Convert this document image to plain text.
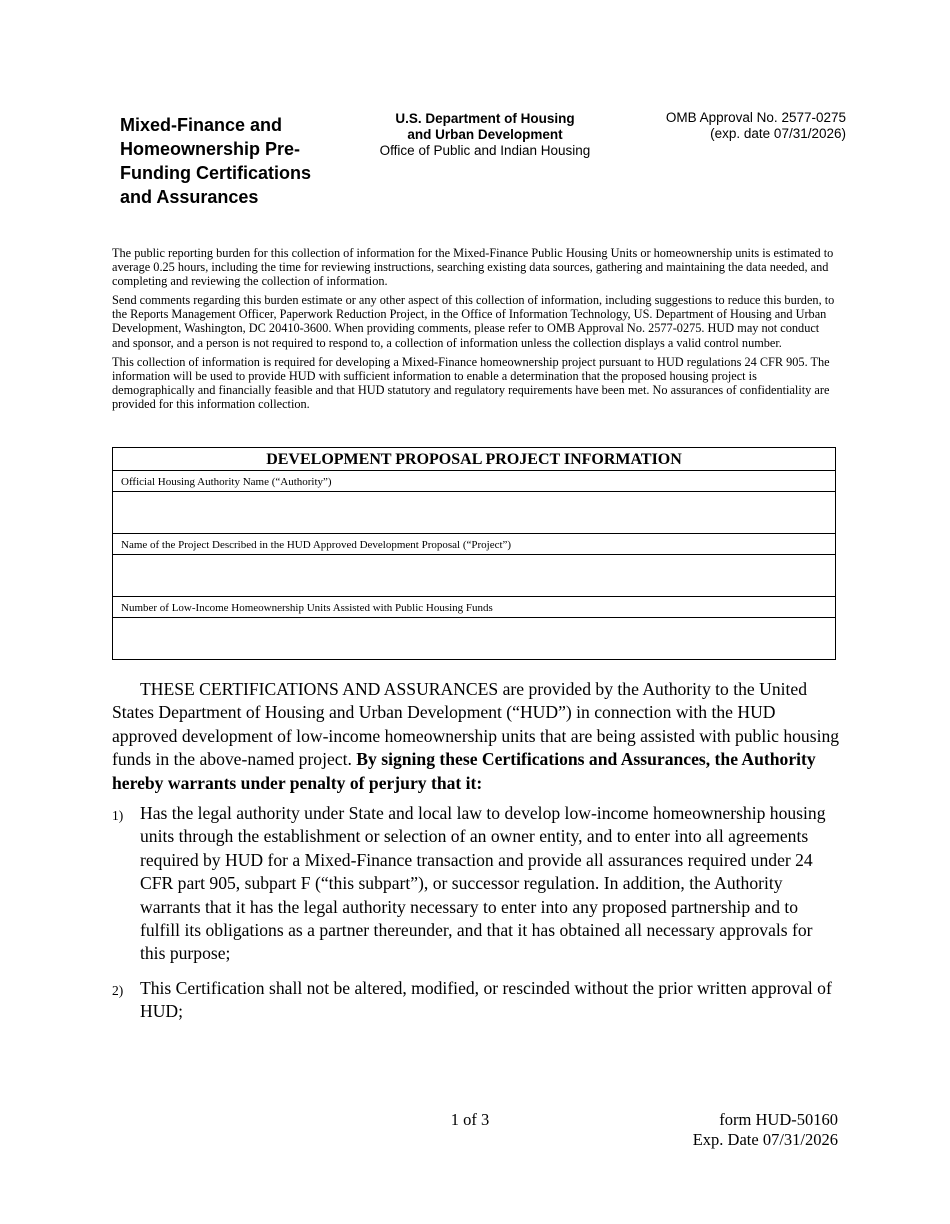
Mixed-Finance and Homeownership Pre-Funding Certifications and Assurances
U.S. Department of Housing
and Urban Development
Office of Public and Indian Housing
OMB Approval No. 2577-0275
(exp. date 07/31/2026)

The public reporting burden for this collection of information for the Mixed-Finance Public Housing Units or homeownership units is estimated to average 0.25 hours, including the time for reviewing instructions, searching existing data sources, gathering and maintaining the data needed, and completing and reviewing the collection of information.

Send comments regarding this burden estimate or any other aspect of this collection of information, including suggestions to reduce this burden, to the Reports Management Officer, Paperwork Reduction Project, in the Office of Information Technology, US. Department of Housing and Urban Development, Washington, DC 20410-3600. When providing comments, please refer to OMB Approval No. 2577-0275. HUD may not conduct and sponsor, and a person is not required to respond to, a collection of information unless the collection displays a valid control number.

This collection of information is required for developing a Mixed-Finance homeownership project pursuant to HUD regulations 24 CFR 905. The information will be used to provide HUD with sufficient information to enable a determination that the proposed housing project is demographically and financially feasible and that HUD statutory and regulatory requirements have been met. No assurances of confidentiality are provided for this information collection.

DEVELOPMENT PROPOSAL PROJECT INFORMATION
Official Housing Authority Name (“Authority”)
Name of the Project Described in the HUD Approved Development Proposal (“Project”)
Number of Low-Income Homeownership Units Assisted with Public Housing Funds

THESE CERTIFICATIONS AND ASSURANCES are provided by the Authority to the United States Department of Housing and Urban Development (“HUD”) in connection with the HUD approved development of low-income homeownership units that are being assisted with public housing funds in the above-named project. By signing these Certifications and Assurances, the Authority hereby warrants under penalty of perjury that it:

1) Has the legal authority under State and local law to develop low-income homeownership housing units through the establishment or selection of an owner entity, and to enter into all agreements required by HUD for a Mixed-Finance transaction and provide all assurances required under 24 CFR part 905, subpart F (“this subpart”), or successor regulation. In addition, the Authority warrants that it has the legal authority necessary to enter into any proposed partnership and to fulfill its obligations as a partner thereunder, and that it has obtained all necessary approvals for this purpose;
2) This Certification shall not be altered, modified, or rescinded without the prior written approval of HUD;
1 of 3	form HUD-50160
Exp. Date 07/31/2026
